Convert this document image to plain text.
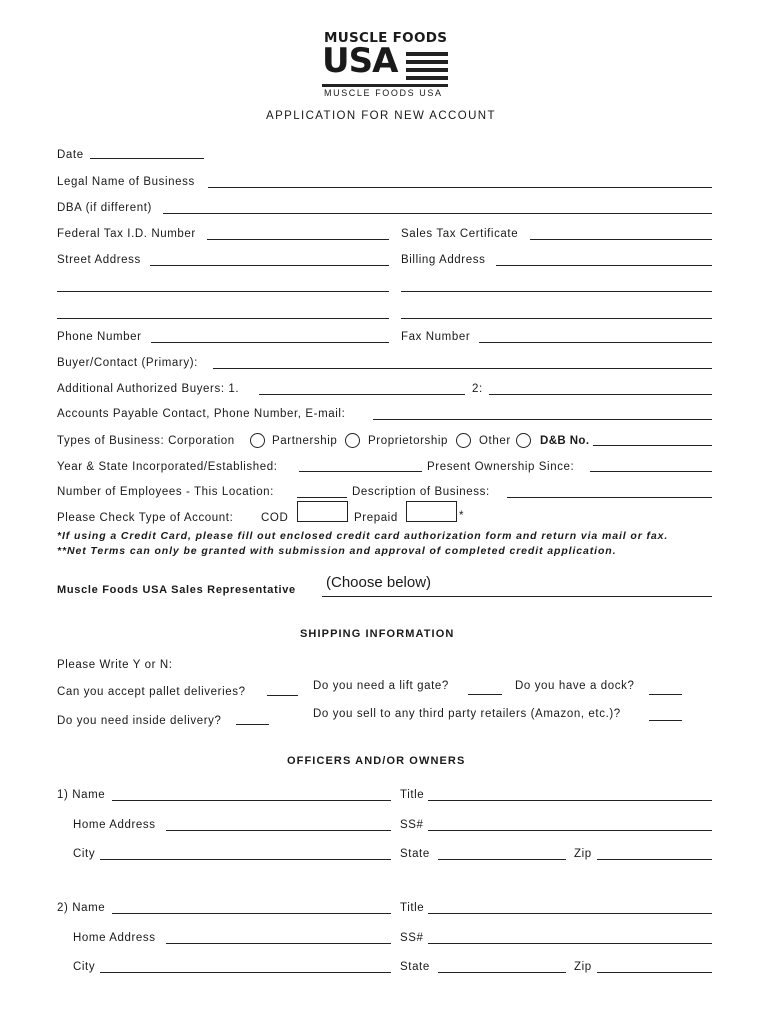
MUSCLE FOODS
USA
MUSCLE FOODS USA
APPLICATION FOR NEW ACCOUNT
Date
Legal Name of Business
DBA (if different)
Federal Tax I.D. Number	Sales Tax Certificate
Street Address	Billing Address
Phone Number	Fax Number
Buyer/Contact (Primary):
Additional Authorized Buyers: 1.	2:
Accounts Payable Contact, Phone Number, E-mail:
Types of Business: Corporation	Partnership	Proprietorship	Other	D&B No.
Year & State Incorporated/Established:	Present Ownership Since:
Number of Employees - This Location:	Description of Business:
Please Check Type of Account: COD	Prepaid	*
*If using a Credit Card, please fill out enclosed credit card authorization form and return via mail or fax.
**Net Terms can only be granted with submission and approval of completed credit application.
Muscle Foods USA Sales Representative (Choose below)
SHIPPING INFORMATION
Please Write Y or N:
Can you accept pallet deliveries?	Do you need a lift gate?	Do you have a dock?
Do you need inside delivery?
Do you sell to any third party retailers (Amazon, etc.)?
OFFICERS AND/OR OWNERS
1) Name	Title
Home Address	SS#
City	State	Zip
2) Name	Title
Home Address	SS#
City	State	Zip
